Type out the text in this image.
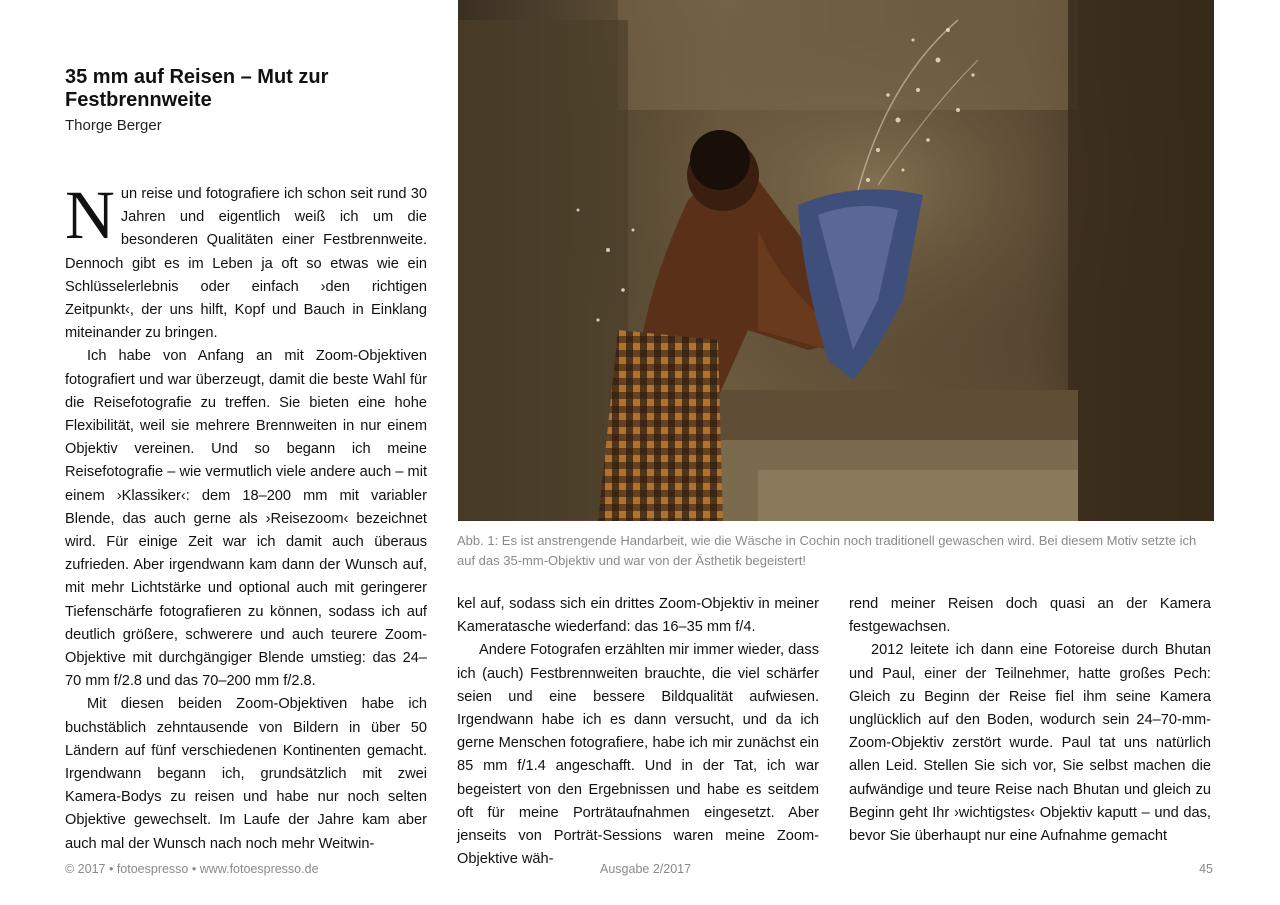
35 mm auf Reisen – Mut zur Festbrennweite

Thorge Berger

Nun reise und fotografiere ich schon seit rund 30 Jahren und eigentlich weiß ich um die besonderen Qualitäten einer Festbrennweite. Dennoch gibt es im Leben ja oft so etwas wie ein Schlüsselerlebnis oder einfach ›den richtigen Zeitpunkt‹, der uns hilft, Kopf und Bauch in Einklang miteinander zu bringen.

Ich habe von Anfang an mit Zoom-Objektiven fotografiert und war überzeugt, damit die beste Wahl für die Reisefotografie zu treffen. Sie bieten eine hohe Flexibilität, weil sie mehrere Brennweiten in nur einem Objektiv vereinen. Und so begann ich meine Reisefotografie – wie vermutlich viele andere auch – mit einem ›Klassiker‹: dem 18–200 mm mit variabler Blende, das auch gerne als ›Reisezoom‹ bezeichnet wird. Für einige Zeit war ich damit auch überaus zufrieden. Aber irgendwann kam dann der Wunsch auf, mit mehr Lichtstärke und optional auch mit geringerer Tiefenschärfe fotografieren zu können, sodass ich auf deutlich größere, schwerere und auch teurere Zoom-Objektive mit durchgängiger Blende umstieg: das 24–70 mm f/2.8 und das 70–200 mm f/2.8.

Mit diesen beiden Zoom-Objektiven habe ich buchstäblich zehntausende von Bildern in über 50 Ländern auf fünf verschiedenen Kontinenten gemacht. Irgendwann begann ich, grundsätzlich mit zwei Kamera-Bodys zu reisen und habe nur noch selten Objektive gewechselt. Im Laufe der Jahre kam aber auch mal der Wunsch nach noch mehr Weitwin-

Abb. 1: Es ist anstrengende Handarbeit, wie die Wäsche in Cochin noch traditionell gewaschen wird. Bei diesem Motiv setzte ich auf das 35-mm-Objektiv und war von der Ästhetik begeistert!

kel auf, sodass sich ein drittes Zoom-Objektiv in meiner Kameratasche wiederfand: das 16–35 mm f/4.

Andere Fotografen erzählten mir immer wieder, dass ich (auch) Festbrennweiten brauchte, die viel schärfer seien und eine bessere Bildqualität aufwiesen. Irgendwann habe ich es dann versucht, und da ich gerne Menschen fotografiere, habe ich mir zunächst ein 85 mm f/1.4 angeschafft. Und in der Tat, ich war begeistert von den Ergebnissen und habe es seitdem oft für meine Porträtaufnahmen eingesetzt. Aber jenseits von Porträt-Sessions waren meine Zoom-Objektive wäh-

rend meiner Reisen doch quasi an der Kamera festgewachsen.

2012 leitete ich dann eine Fotoreise durch Bhutan und Paul, einer der Teilnehmer, hatte großes Pech: Gleich zu Beginn der Reise fiel ihm seine Kamera unglücklich auf den Boden, wodurch sein 24–70-mm-Zoom-Objektiv zerstört wurde. Paul tat uns natürlich allen Leid. Stellen Sie sich vor, Sie selbst machen die aufwändige und teure Reise nach Bhutan und gleich zu Beginn geht Ihr ›wichtigstes‹ Objektiv kaputt – und das, bevor Sie überhaupt nur eine Aufnahme gemacht

© 2017 • fotoespresso • www.fotoespresso.de	Ausgabe 2/2017	45
